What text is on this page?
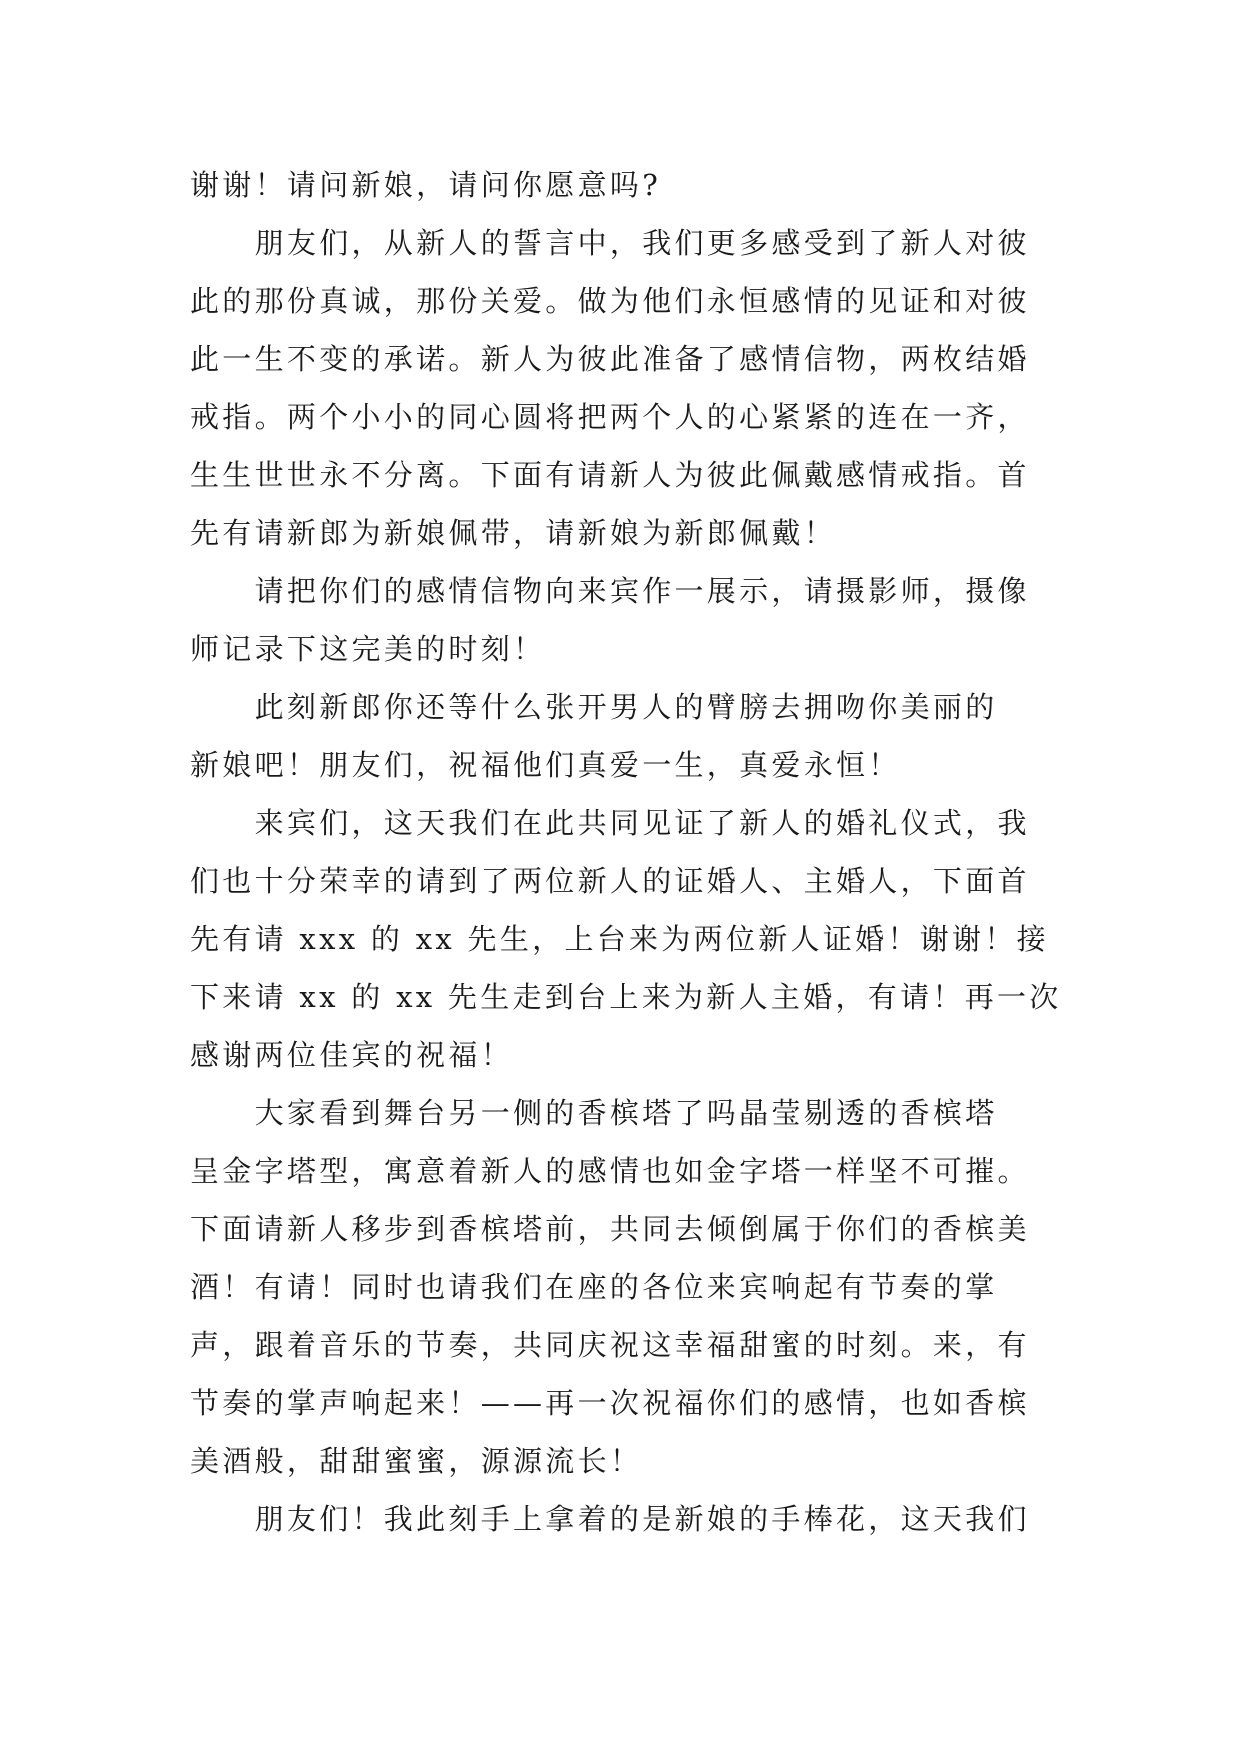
谢谢！请问新娘，请问你愿意吗?
　　朋友们，从新人的誓言中，我们更多感受到了新人对彼
此的那份真诚，那份关爱。做为他们永恒感情的见证和对彼
此一生不变的承诺。新人为彼此准备了感情信物，两枚结婚
戒指。两个小小的同心圆将把两个人的心紧紧的连在一齐，
生生世世永不分离。下面有请新人为彼此佩戴感情戒指。首
先有请新郎为新娘佩带，请新娘为新郎佩戴！
　　请把你们的感情信物向来宾作一展示，请摄影师，摄像
师记录下这完美的时刻！
　　此刻新郎你还等什么张开男人的臂膀去拥吻你美丽的
新娘吧！朋友们，祝福他们真爱一生，真爱永恒！
　　来宾们，这天我们在此共同见证了新人的婚礼仪式，我
们也十分荣幸的请到了两位新人的证婚人、主婚人，下面首
先有请 xxx 的 xx 先生，上台来为两位新人证婚！谢谢！接
下来请 xx 的 xx 先生走到台上来为新人主婚，有请！再一次
感谢两位佳宾的祝福！
　　大家看到舞台另一侧的香槟塔了吗晶莹剔透的香槟塔
呈金字塔型，寓意着新人的感情也如金字塔一样坚不可摧。
下面请新人移步到香槟塔前，共同去倾倒属于你们的香槟美
酒！有请！同时也请我们在座的各位来宾响起有节奏的掌
声，跟着音乐的节奏，共同庆祝这幸福甜蜜的时刻。来，有
节奏的掌声响起来！——再一次祝福你们的感情，也如香槟
美酒般，甜甜蜜蜜，源源流长！
　　朋友们！我此刻手上拿着的是新娘的手棒花，这天我们
